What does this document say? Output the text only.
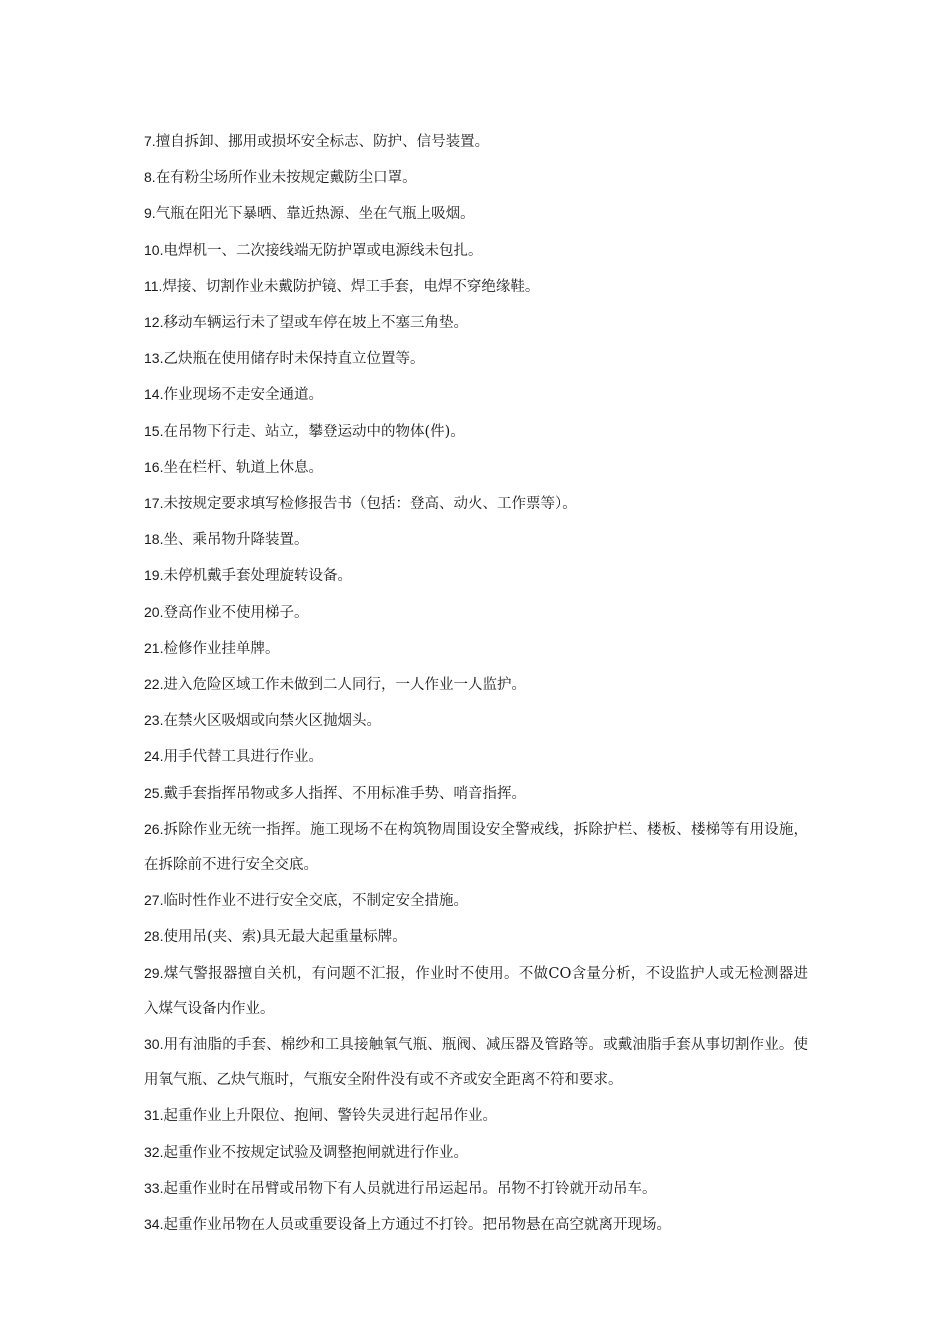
7.擅自拆卸、挪用或损坏安全标志、防护、信号装置。

8.在有粉尘场所作业未按规定戴防尘口罩。

9.气瓶在阳光下暴晒、靠近热源、坐在气瓶上吸烟。

10.电焊机一、二次接线端无防护罩或电源线未包扎。

11.焊接、切割作业未戴防护镜、焊工手套，电焊不穿绝缘鞋。

12.移动车辆运行未了望或车停在坡上不塞三角垫。

13.乙炔瓶在使用储存时未保持直立位置等。

14.作业现场不走安全通道。

15.在吊物下行走、站立，攀登运动中的物体(件)。

16.坐在栏杆、轨道上休息。

17.未按规定要求填写检修报告书（包括：登高、动火、工作票等）。

18.坐、乘吊物升降装置。

19.未停机戴手套处理旋转设备。

20.登高作业不使用梯子。

21.检修作业挂单牌。

22.进入危险区域工作未做到二人同行，一人作业一人监护。

23.在禁火区吸烟或向禁火区抛烟头。

24.用手代替工具进行作业。

25.戴手套指挥吊物或多人指挥、不用标准手势、哨音指挥。

26.拆除作业无统一指挥。施工现场不在构筑物周围设安全警戒线，拆除护栏、楼板、楼梯等有用设施，在拆除前不进行安全交底。

27.临时性作业不进行安全交底，不制定安全措施。

28.使用吊(夹、索)具无最大起重量标牌。

29.煤气警报器擅自关机，有问题不汇报，作业时不使用。不做CO含量分析，不设监护人或无检测器进入煤气设备内作业。

30.用有油脂的手套、棉纱和工具接触氧气瓶、瓶阀、减压器及管路等。或戴油脂手套从事切割作业。使用氧气瓶、乙炔气瓶时，气瓶安全附件没有或不齐或安全距离不符和要求。

31.起重作业上升限位、抱闸、警铃失灵进行起吊作业。

32.起重作业不按规定试验及调整抱闸就进行作业。

33.起重作业时在吊臂或吊物下有人员就进行吊运起吊。吊物不打铃就开动吊车。

34.起重作业吊物在人员或重要设备上方通过不打铃。把吊物悬在高空就离开现场。
